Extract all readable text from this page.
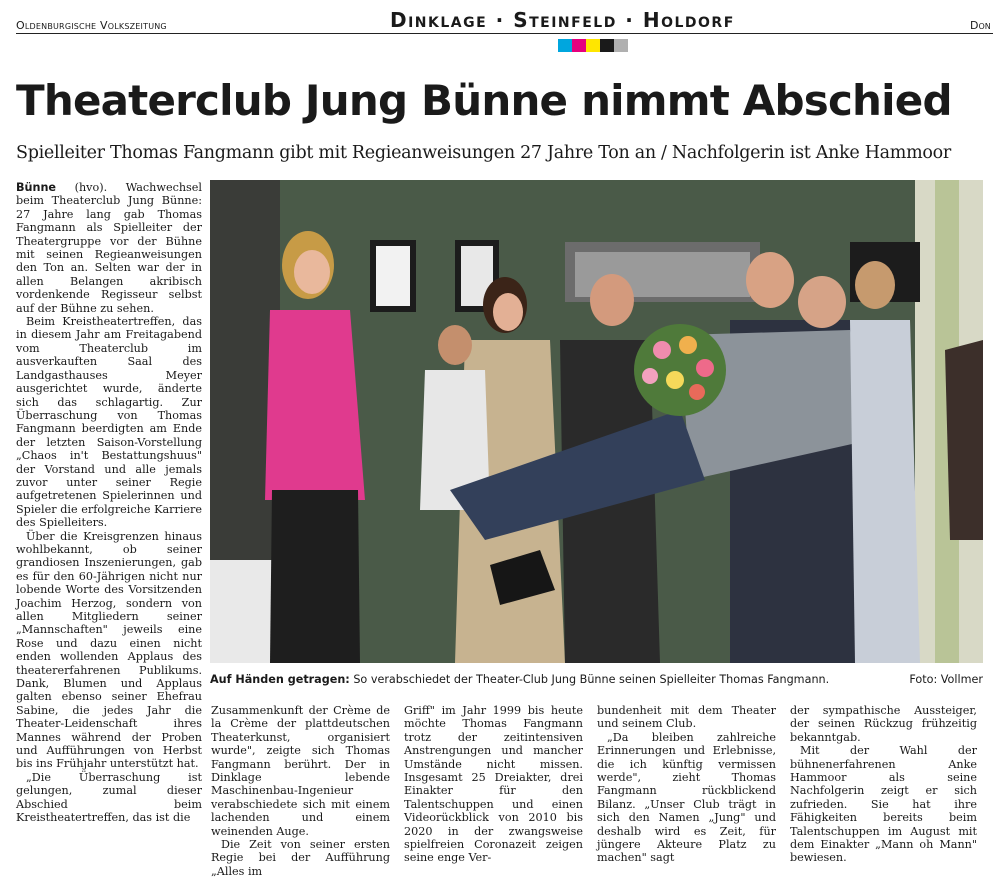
Oldenburgische Volkszeitung	Dinklage · Steinfeld · Holdorf	Don
Theaterclub Jung Bünne nimmt Abschied
Spielleiter Thomas Fangmann gibt mit Regieanweisungen 27 Jahre Ton an / Nachfolgerin ist Anke Hammoor

Bünne (hvo). Wachwechsel beim Theaterclub Jung Bünne: 27 Jahre lang gab Thomas Fangmann als Spielleiter der Theatergruppe vor der Bühne mit seinen Regieanweisungen den Ton an. Selten war der in allen Belangen akribisch vordenkende Regisseur selbst auf der Bühne zu sehen.

Beim Kreistheatertreffen, das in diesem Jahr am Freitagabend vom Theaterclub im ausverkauften Saal des Landgasthauses Meyer ausgerichtet wurde, änderte sich das schlagartig. Zur Überraschung von Thomas Fangmann beerdigten am Ende der letzten Saison-Vorstellung „Chaos in't Bestattungshuus" der Vorstand und alle jemals zuvor unter seiner Regie aufgetretenen Spielerinnen und Spieler die erfolgreiche Karriere des Spielleiters.

Über die Kreisgrenzen hinaus wohlbekannt, ob seiner grandiosen Inszenierungen, gab es für den 60-Jährigen nicht nur lobende Worte des Vorsitzenden Joachim Herzog, sondern von allen Mitgliedern seiner „Mannschaften" jeweils eine Rose und dazu einen nicht enden wollenden Applaus des theatererfahrenen Publikums. Dank, Blumen und Applaus galten ebenso seiner Ehefrau Sabine, die jedes Jahr die Theater-Leidenschaft ihres Mannes während der Proben und Aufführungen von Herbst bis ins Frühjahr unterstützt hat.

„Die Überraschung ist gelungen, zumal dieser Abschied beim Kreistheatertreffen, das ist die

Auf Händen getragen: So verabschiedet der Theater-Club Jung Bünne seinen Spielleiter Thomas Fangmann.	Foto: Vollmer

Zusammenkunft der Crème de la Crème der plattdeutschen Theaterkunst, organisiert wurde", zeigte sich Thomas Fangmann berührt. Der in Dinklage lebende Maschinenbau-Ingenieur verabschiedete sich mit einem lachenden und einem weinenden Auge.

Die Zeit von seiner ersten Regie bei der Aufführung „Alles im

Griff" im Jahr 1999 bis heute möchte Thomas Fangmann trotz der zeitintensiven Anstrengungen und mancher Umstände nicht missen. Insgesamt 25 Dreiakter, drei Einakter für den Talentschuppen und einen Videorückblick von 2010 bis 2020 in der zwangsweise spielfreien Coronazeit zeigen seine enge Ver-

bundenheit mit dem Theater und seinem Club.

„Da bleiben zahlreiche Erinnerungen und Erlebnisse, die ich künftig vermissen werde", zieht Thomas Fangmann rückblickend Bilanz. „Unser Club trägt in sich den Namen „Jung" und deshalb wird es Zeit, für jüngere Akteure Platz zu machen" sagt

der sympathische Aussteiger, der seinen Rückzug frühzeitig bekanntgab.

Mit der Wahl der bühnenerfahrenen Anke Hammoor als seine Nachfolgerin zeigt er sich zufrieden. Sie hat ihre Fähigkeiten bereits beim Talentschuppen im August mit dem Einakter „Mann oh Mann" bewiesen.
